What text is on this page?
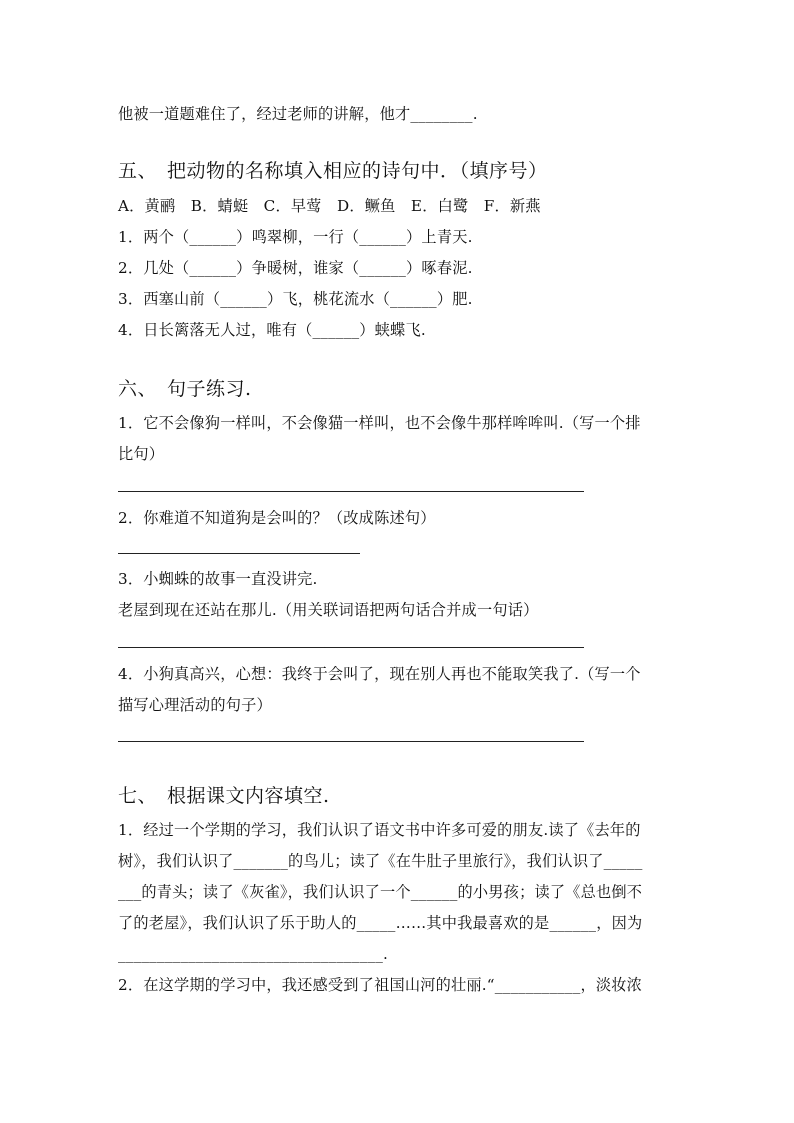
他被一道题难住了，经过老师的讲解，他才________.
五、　把动物的名称填入相应的诗句中．（填序号）
A．黄鹂　B．蜻蜓　C．早莺　D．鳜鱼　E．白鹭　F．新燕
1．两个（______）鸣翠柳，一行（______）上青天.
2．几处（______）争暖树，谁家（______）啄春泥.
3．西塞山前（______）飞，桃花流水（______）肥.
4．日长篱落无人过，唯有（______）蛱蝶飞.
六、　句子练习.
1．它不会像狗一样叫，不会像猫一样叫，也不会像牛那样哞哞叫.（写一个排
比句）
2．你难道不知道狗是会叫的？（改成陈述句）
3．小蜘蛛的故事一直没讲完.
老屋到现在还站在那儿.（用关联词语把两句话合并成一句话）
4．小狗真高兴，心想：我终于会叫了，现在别人再也不能取笑我了.（写一个
描写心理活动的句子）
七、　根据课文内容填空.
1．经过一个学期的学习，我们认识了语文书中许多可爱的朋友.读了《去年的
树》，我们认识了_______的鸟儿；读了《在牛肚子里旅行》，我们认识了_____
___的青头；读了《灰雀》，我们认识了一个______的小男孩；读了《总也倒不
了的老屋》，我们认识了乐于助人的_____……其中我最喜欢的是______，因为
__________________________________.
2．在这学期的学习中，我还感受到了祖国山河的壮丽.“___________，淡妆浓
